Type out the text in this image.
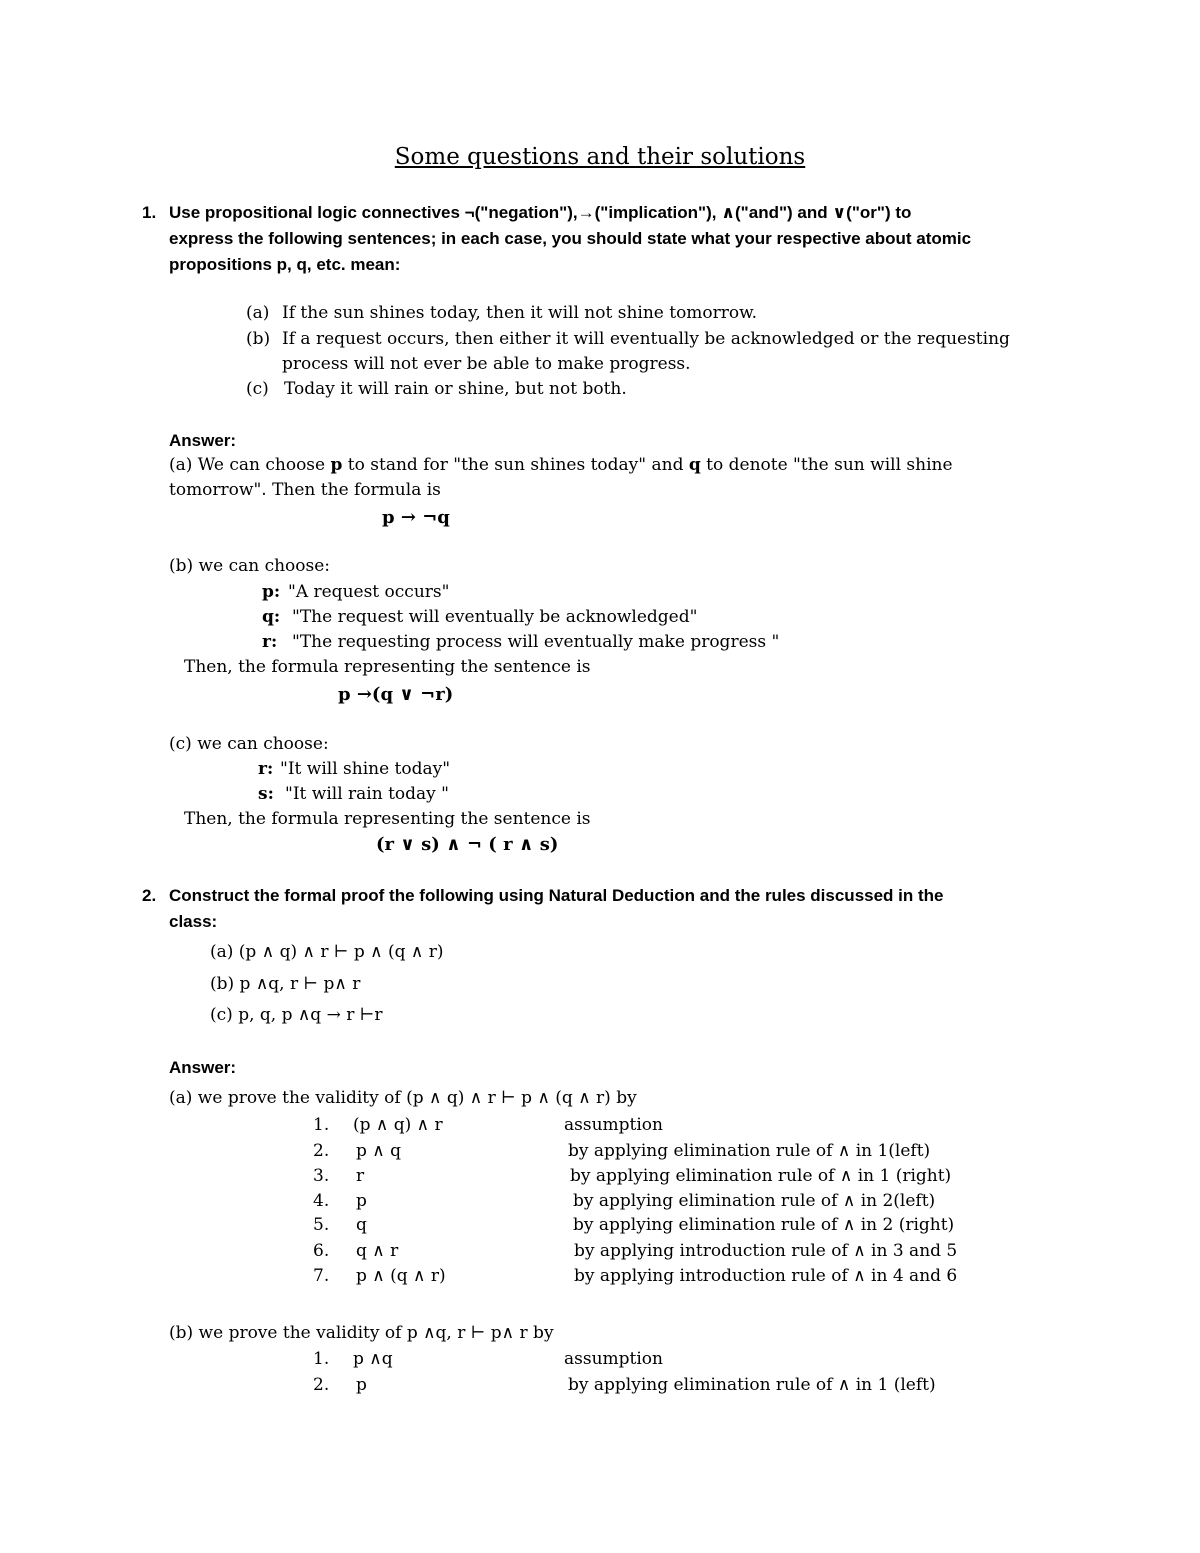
Some questions and their solutions
1. Use propositional logic connectives ¬("negation"),→("implication"), ∧("and") and ∨("or") to
express the following sentences; in each case, you should state what your respective about atomic
propositions p, q, etc. mean:
(a) If the sun shines today, then it will not shine tomorrow.
(b) If a request occurs, then either it will eventually be acknowledged or the requesting
process will not ever be able to make progress.
(c) Today it will rain or shine, but not both.
Answer:
(a) We can choose p to stand for "the sun shines today" and q to denote "the sun will shine
tomorrow". Then the formula is
p → ¬q
(b) we can choose:
p: "A request occurs"
q: "The request will eventually be acknowledged"
r: "The requesting process will eventually make progress "
Then, the formula representing the sentence is
p →(q ∨ ¬r)
(c) we can choose:
r: "It will shine today"
s: "It will rain today "
Then, the formula representing the sentence is
(r ∨ s) ∧ ¬ ( r ∧ s)
2. Construct the formal proof the following using Natural Deduction and the rules discussed in the
class:
(a) (p ∧ q) ∧ r ⊢ p ∧ (q ∧ r)
(b) p ∧q, r ⊢ p∧ r
(c) p, q, p ∧q → r ⊢r
Answer:
(a) we prove the validity of (p ∧ q) ∧ r ⊢ p ∧ (q ∧ r) by
1. (p ∧ q) ∧ r	assumption
2. p ∧ q	by applying elimination rule of ∧ in 1(left)
3. r	by applying elimination rule of ∧ in 1 (right)
4. p	by applying elimination rule of ∧ in 2(left)
5. q	by applying elimination rule of ∧ in 2 (right)
6. q ∧ r	by applying introduction rule of ∧ in 3 and 5
7. p ∧ (q ∧ r)	by applying introduction rule of ∧ in 4 and 6
(b) we prove the validity of p ∧q, r ⊢ p∧ r by
1. p ∧q	assumption
2. p	by applying elimination rule of ∧ in 1 (left)
